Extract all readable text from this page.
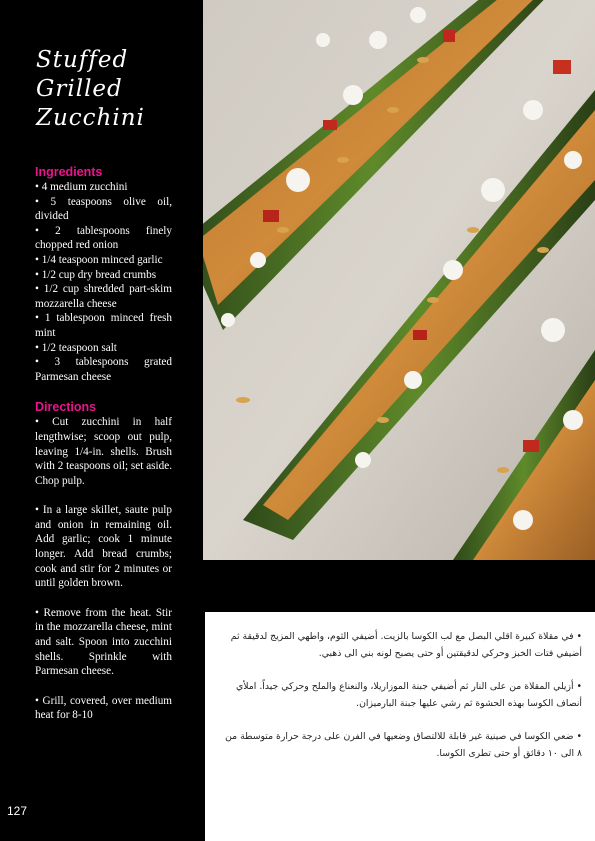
Stuffed
Grilled
Zucchini

Ingredients

• 4 medium zucchini
• 5 teaspoons olive oil, divided
• 2 tablespoons finely chopped red onion
• 1/4 teaspoon minced garlic
• 1/2 cup dry bread crumbs
• 1/2 cup shredded part-skim mozzarella cheese
• 1 tablespoon minced fresh mint
• 1/2 teaspoon salt
• 3 tablespoons grated Parmesan cheese

Directions

• Cut zucchini in half lengthwise; scoop out pulp, leaving 1/4-in. shells. Brush with 2 teaspoons oil; set aside. Chop pulp.

• In a large skillet, saute pulp and onion in remaining oil. Add garlic; cook 1 minute longer. Add bread crumbs; cook and stir for 2 minutes or until golden brown.

• Remove from the heat. Stir in the mozzarella cheese, mint and salt. Spoon into zucchini shells. Sprinkle with Parmesan cheese.

• Grill, covered, over medium heat for 8-10

127

• في مقلاة كبيرة اقلي البصل مع لب الكوسا بالزيت. أضيفي الثوم، واطهي المزيج لدقيقة ثم أضيفي فتات الخبز وحركي لدقيقتين أو حتى يصبح لونه بني الى ذهبي.

• أزيلي المقلاة من على النار ثم أضيفي جبنة الموزاريلا، والنعناع والملح وحركي جيداً. املأي أنصاف الكوسا بهذه الحشوة ثم رشي عليها جبنة البارميزان.

• ضعي الكوسا في صينية غير قابلة للالتصاق وضعيها في الفرن على درجة حرارة متوسطة من ٨ الى ١٠ دقائق أو حتى تطرى الكوسا.
